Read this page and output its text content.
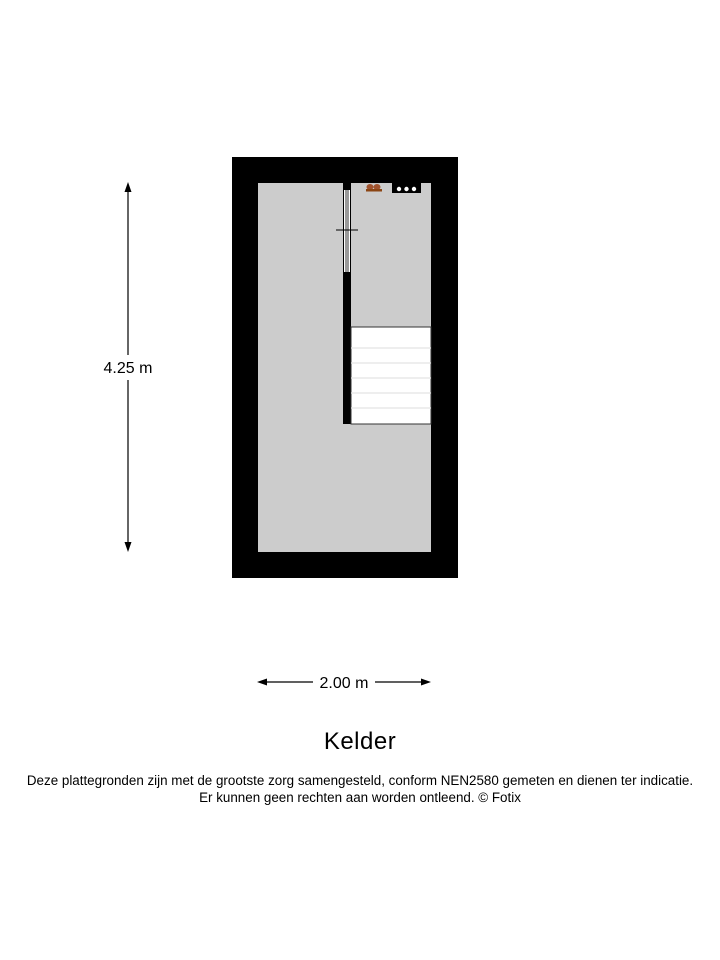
4.25 m
2.00 m
Kelder
Deze plattegronden zijn met de grootste zorg samengesteld, conform NEN2580 gemeten en dienen ter indicatie.
Er kunnen geen rechten aan worden ontleend. © Fotix
